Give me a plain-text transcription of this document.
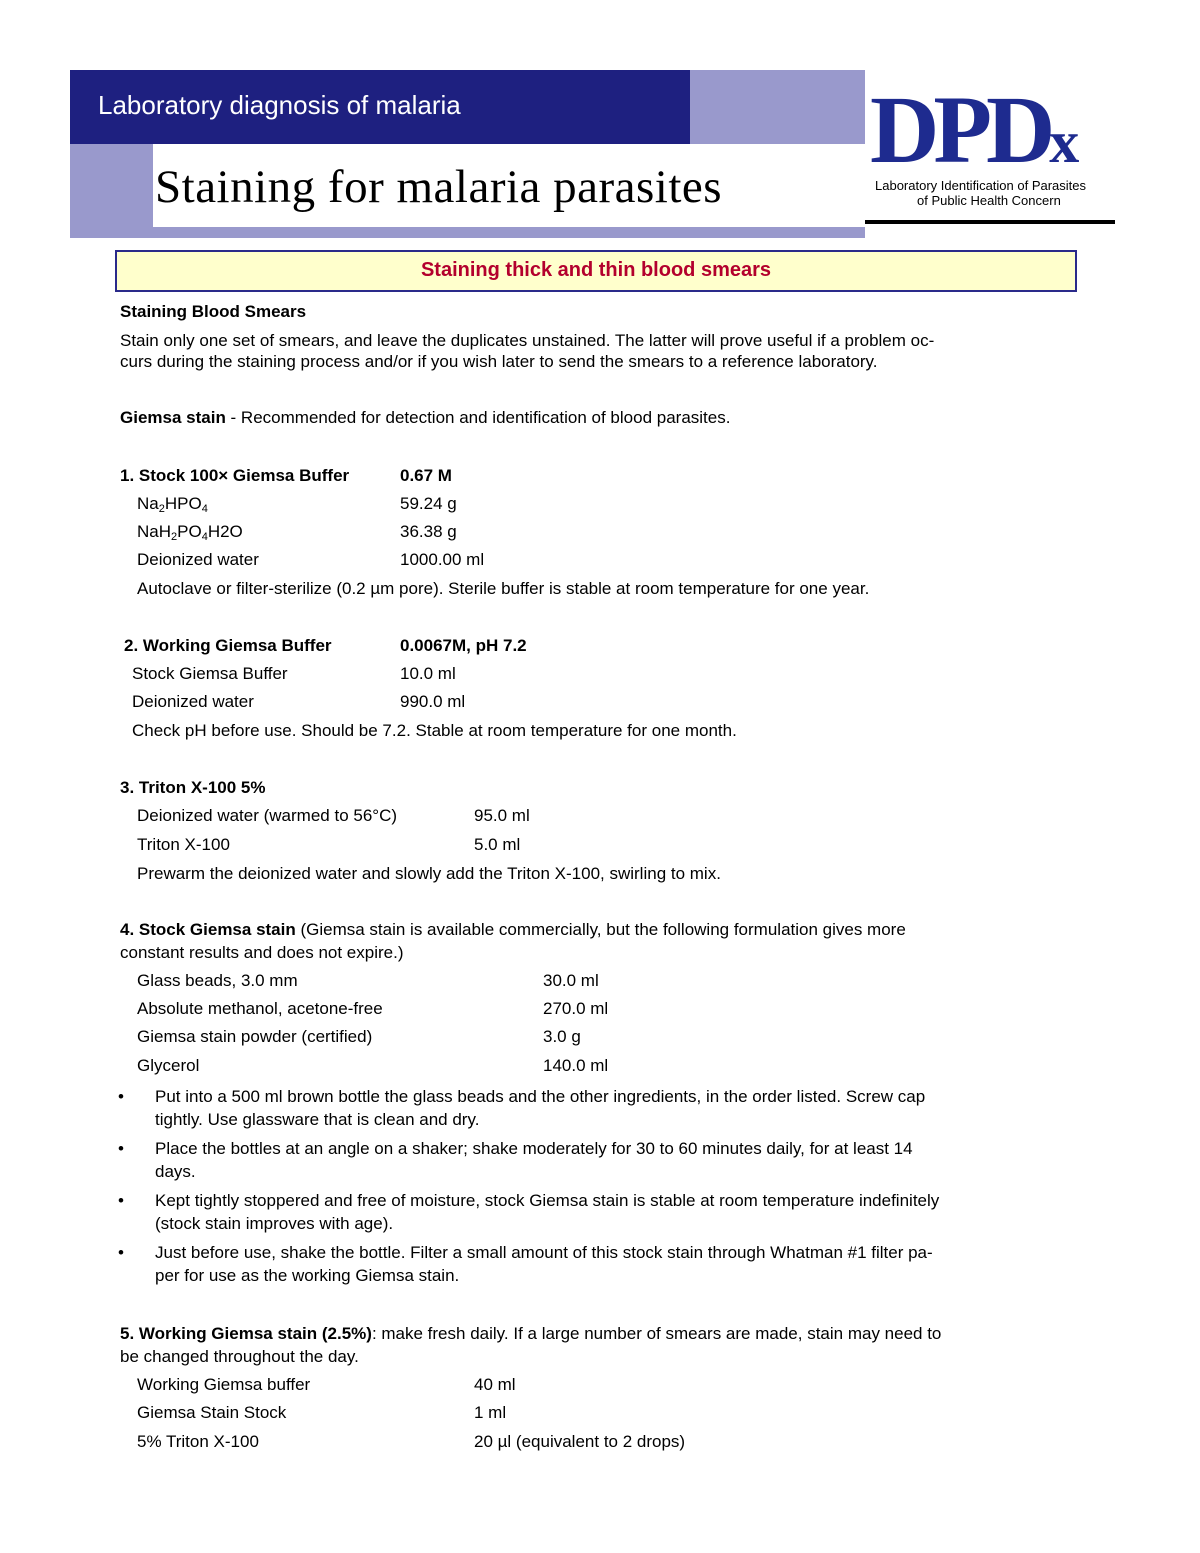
Laboratory diagnosis of malaria
Staining for malaria parasites
DPDx
Laboratory Identification of Parasites
of Public Health Concern
Staining thick and thin blood smears
Staining Blood Smears
Stain only one set of smears, and leave the duplicates unstained. The latter will prove useful if a problem oc-
curs during the staining process and/or if you wish later to send the smears to a reference laboratory.
Giemsa stain - Recommended for detection and identification of blood parasites.
1. Stock 100× Giemsa Buffer	0.67 M
$Na_2HPO_4$	59.24 g
$NaH_2PO_4H2O$	36.38 g
Deionized water	1000.00 ml
Autoclave or filter-sterilize (0.2 µm pore). Sterile buffer is stable at room temperature for one year.
2. Working Giemsa Buffer	0.0067M, pH 7.2
Stock Giemsa Buffer	10.0 ml
Deionized water	990.0 ml
Check pH before use. Should be 7.2. Stable at room temperature for one month.
3. Triton X-100 5%
Deionized water (warmed to 56°C)	95.0 ml
Triton X-100	5.0 ml
Prewarm the deionized water and slowly add the Triton X-100, swirling to mix.
4. Stock Giemsa stain (Giemsa stain is available commercially, but the following formulation gives more
constant results and does not expire.)
Glass beads, 3.0 mm	30.0 ml
Absolute methanol, acetone-free	270.0 ml
Giemsa stain powder (certified)	3.0 g
Glycerol	140.0 ml
• Put into a 500 ml brown bottle the glass beads and the other ingredients, in the order listed. Screw cap
tightly. Use glassware that is clean and dry.
• Place the bottles at an angle on a shaker; shake moderately for 30 to 60 minutes daily, for at least 14
days.
• Kept tightly stoppered and free of moisture, stock Giemsa stain is stable at room temperature indefinitely
(stock stain improves with age).
• Just before use, shake the bottle. Filter a small amount of this stock stain through Whatman #1 filter pa-
per for use as the working Giemsa stain.
5. Working Giemsa stain (2.5%): make fresh daily. If a large number of smears are made, stain may need to
be changed throughout the day.
Working Giemsa buffer	40 ml
Giemsa Stain Stock	1 ml
5% Triton X-100	20 µl (equivalent to 2 drops)
